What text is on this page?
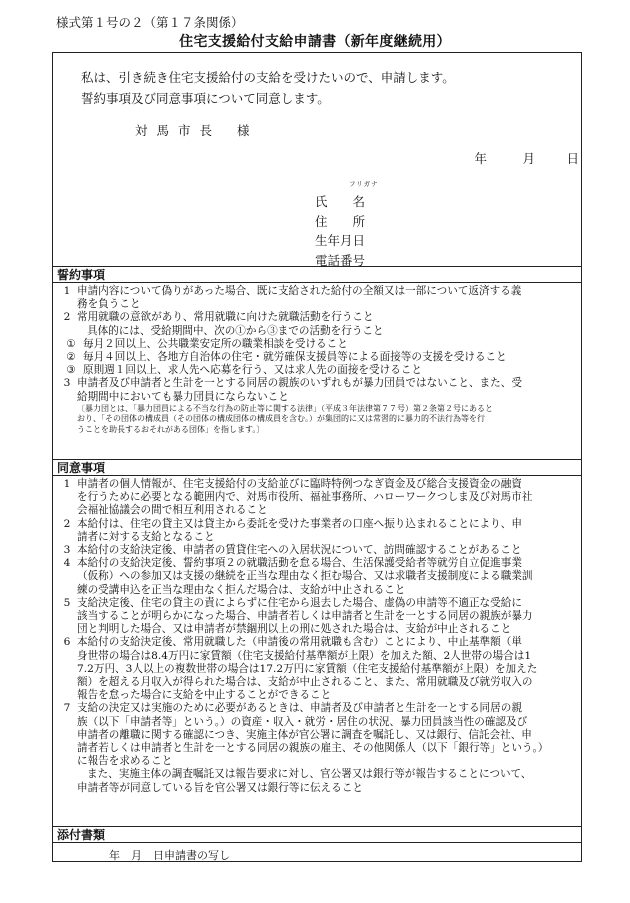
様式第１号の２（第１７条関係）
住宅支援給付支給申請書（新年度継続用）
私は、引き続き住宅支援給付の支給を受けたいので、申請します。
誓約事項及び同意事項について同意します。
対馬市長 様
年	月	日
フリガナ
氏　　名
住　　所
生年月日
電話番号
誓約事項
1 申請内容について偽りがあった場合、既に支給された給付の全額又は一部について返済する義
務を負うこと
2 常用就職の意欲があり、常用就職に向けた就職活動を行うこと
具体的には、受給期間中、次の①から③までの活動を行うこと
① 毎月２回以上、公共職業安定所の職業相談を受けること
② 毎月４回以上、各地方自治体の住宅・就労確保支援員等による面接等の支援を受けること
③ 原則週１回以上、求人先へ応募を行う、又は求人先の面接を受けること
3 申請者及び申請者と生計を一とする同居の親族のいずれもが暴力団員ではないこと、また、受
給期間中においても暴力団員にならないこと
〔暴力団とは、「暴力団員による不当な行為の防止等に関する法律」（平成３年法律第７７号）第２条第２号にあると
おり、「その団体の構成員（その団体の構成団体の構成員を含む。）が集団的に又は常習的に暴力的不法行為等を行
うことを助長するおそれがある団体」を指します。〕
同意事項
1 申請者の個人情報が、住宅支援給付の支給並びに臨時特例つなぎ資金及び総合支援資金の融資
を行うために必要となる範囲内で、対馬市役所、福祉事務所、ハローワークつしま及び対馬市社
会福祉協議会の間で相互利用されること
2 本給付は、住宅の貸主又は貸主から委託を受けた事業者の口座へ振り込まれることにより、申
請者に対する支給となること
3 本給付の支給決定後、申請者の賃貸住宅への入居状況について、訪問確認することがあること
4 本給付の支給決定後、誓約事項２の就職活動を怠る場合、生活保護受給者等就労自立促進事業
（仮称）への参加又は支援の継続を正当な理由なく拒む場合、又は求職者支援制度による職業訓
練の受講申込を正当な理由なく拒んだ場合は、支給が中止されること
5 支給決定後、住宅の貸主の責によらずに住宅から退去した場合、虚偽の申請等不適正な受給に
該当することが明らかになった場合、申請者若しくは申請者と生計を一とする同居の親族が暴力
団と判明した場合、又は申請者が禁錮刑以上の刑に処された場合は、支給が中止されること
6 本給付の支給決定後、常用就職した（申請後の常用就職も含む）ことにより、中止基準額（単
身世帯の場合は8.4万円に家賃額（住宅支援給付基準額が上限）を加えた額、2人世帯の場合は1
7.2万円、3人以上の複数世帯の場合は17.2万円に家賃額（住宅支援給付基準額が上限）を加えた
額）を超える月収入が得られた場合は、支給が中止されること、また、常用就職及び就労収入の
報告を怠った場合に支給を中止することができること
7 支給の決定又は実施のために必要があるときは、申請者及び申請者と生計を一とする同居の親
族（以下「申請者等」という。）の資産・収入・就労・居住の状況、暴力団員該当性の確認及び
申請者の離職に関する確認につき、実施主体が官公署に調査を嘱託し、又は銀行、信託会社、申
請者若しくは申請者と生計を一とする同居の親族の雇主、その他関係人（以下「銀行等」という。）
に報告を求めること
また、実施主体の調査嘱託又は報告要求に対し、官公署又は銀行等が報告することについて、
申請者等が同意している旨を官公署又は銀行等に伝えること
添付書類
年　月　日申請書の写し
